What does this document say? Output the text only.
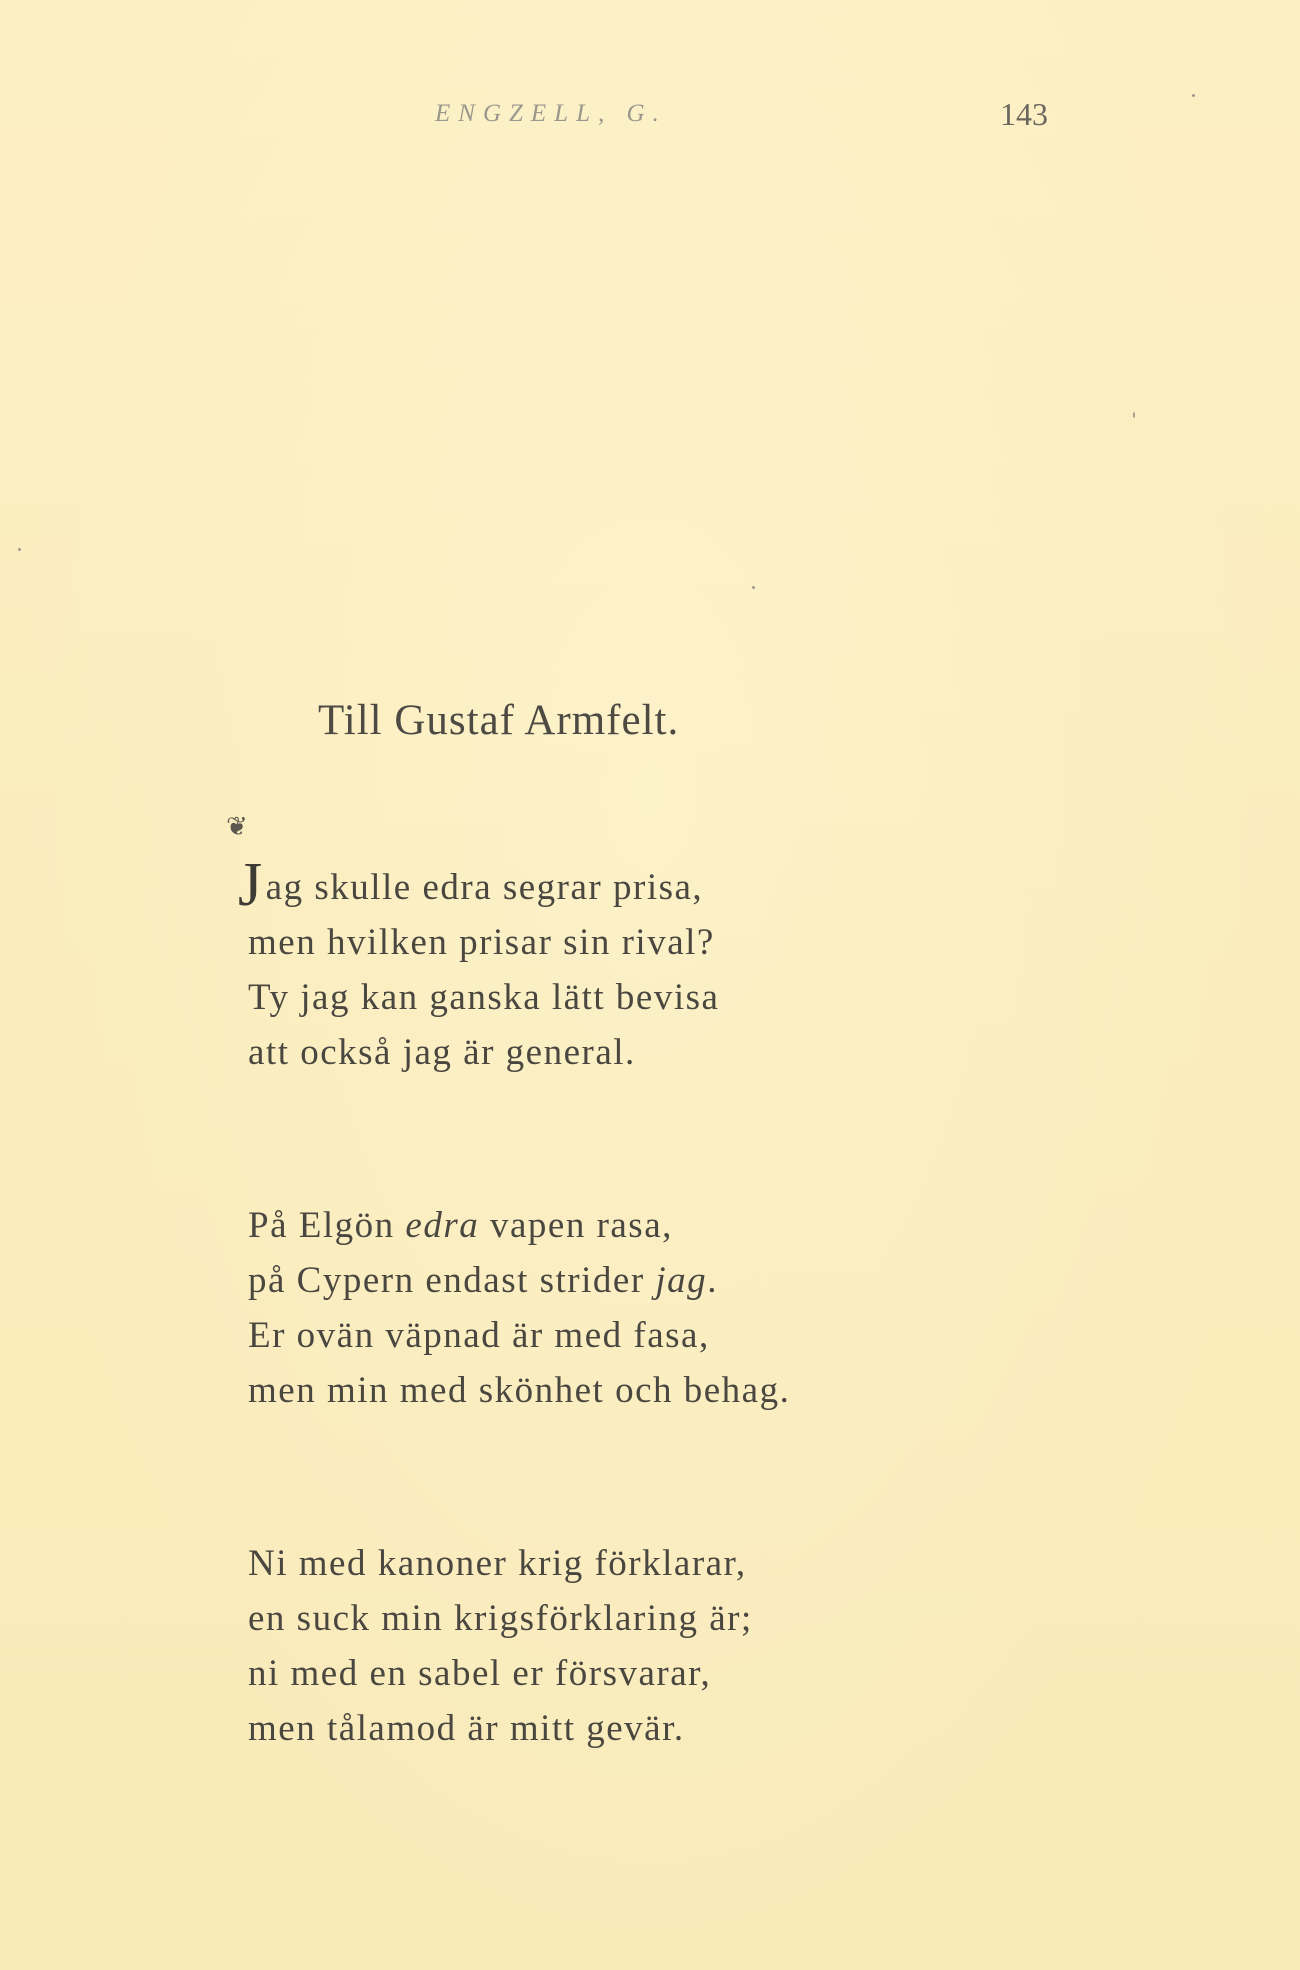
ENGZELL, G.	143
Till Gustaf Armfelt.
❦
Jag skulle edra segrar prisa,
men hvilken prisar sin rival?
Ty jag kan ganska lätt bevisa
att också jag är general.
På Elgön edra vapen rasa,
på Cypern endast strider jag.
Er ovän väpnad är med fasa,
men min med skönhet och behag.
Ni med kanoner krig förklarar,
en suck min krigsförklaring är;
ni med en sabel er försvarar,
men tålamod är mitt gevär.
